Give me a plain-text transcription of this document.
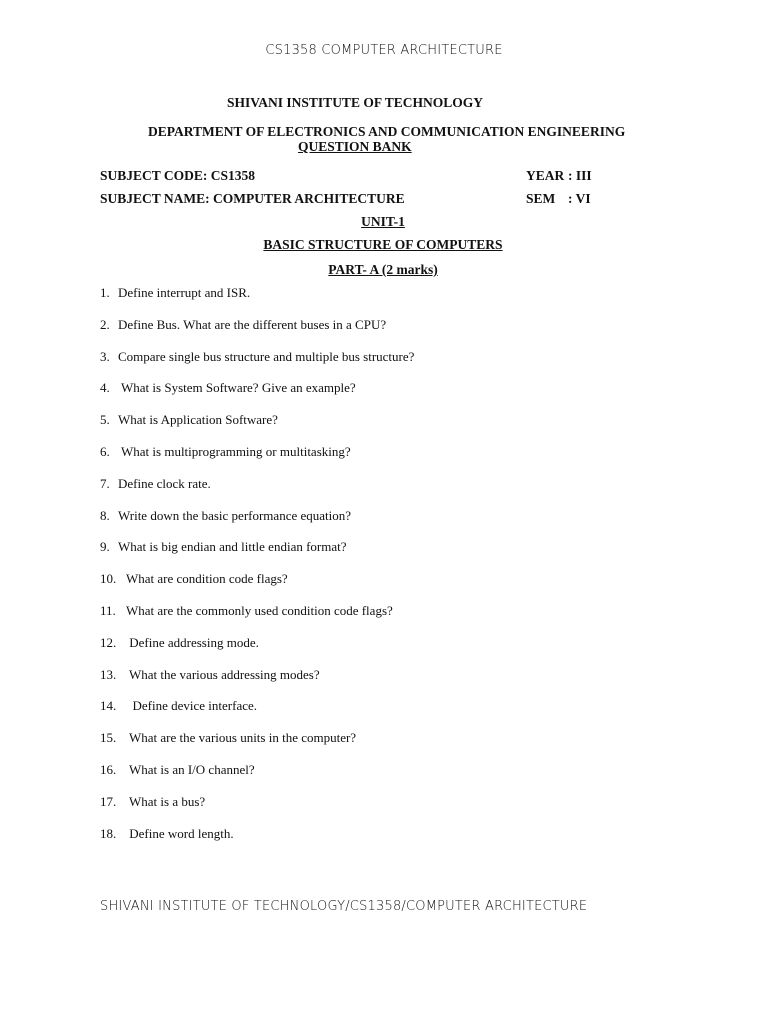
CS1358 COMPUTER ARCHITECTURE
SHIVANI INSTITUTE OF TECHNOLOGY
DEPARTMENT OF ELECTRONICS AND COMMUNICATION ENGINEERING
QUESTION BANK
SUBJECT CODE: CS1358	YEAR : III
SUBJECT NAME: COMPUTER ARCHITECTURE	SEM : VI
UNIT-1
BASIC STRUCTURE OF COMPUTERS
PART- A (2 marks)
1. Define interrupt and ISR.
2. Define Bus. What are the different buses in a CPU?
3. Compare single bus structure and multiple bus structure?
4. What is System Software? Give an example?
5. What is Application Software?
6. What is multiprogramming or multitasking?
7. Define clock rate.
8. Write down the basic performance equation?
9. What is big endian and little endian format?
10. What are condition code flags?
11. What are the commonly used condition code flags?
12. Define addressing mode.
13. What the various addressing modes?
14.  Define device interface.
15. What are the various units in the computer?
16. What is an I/O channel?
17. What is a bus?
18. Define word length.
SHIVANI INSTITUTE OF TECHNOLOGY/CS1358/COMPUTER ARCHITECTURE
